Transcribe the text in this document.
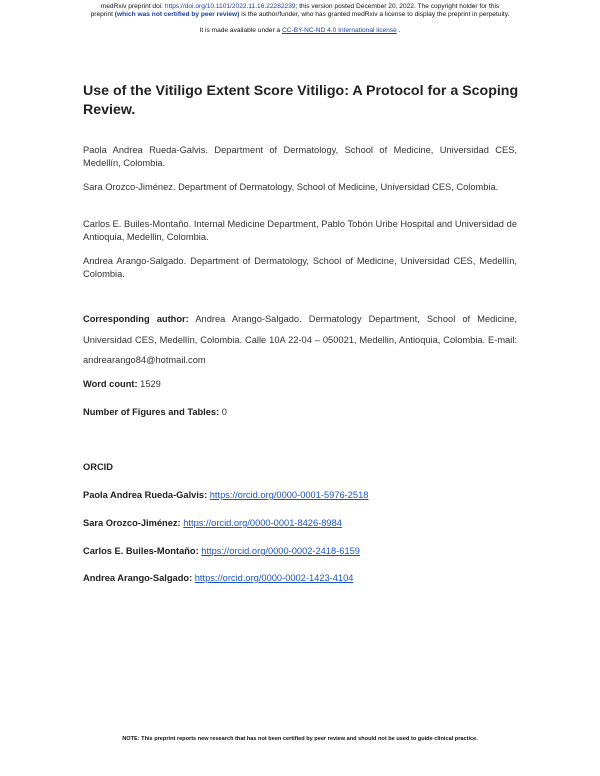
medRxiv preprint doi: https://doi.org/10.1101/2022.11.16.22282239; this version posted December 20, 2022. The copyright holder for this
preprint (which was not certified by peer review) is the author/funder, who has granted medRxiv a license to display the preprint in perpetuity.
It is made available under a CC-BY-NC-ND 4.0 International license .
Use of the Vitiligo Extent Score Vitiligo: A Protocol for a Scoping Review.
Paola Andrea Rueda-Galvis. Department of Dermatology, School of Medicine, Universidad CES, Medellín, Colombia.
Sara Orozco-Jiménez. Department of Dermatology, School of Medicine, Universidad CES, Colombia.
Carlos E. Builes-Montaño. Internal Medicine Department, Pablo Tobón Uribe Hospital and Universidad de Antioquia, Medellin, Colombia.
Andrea Arango-Salgado. Department of Dermatology, School of Medicine, Universidad CES, Medellín, Colombia.
Corresponding author: Andrea Arango-Salgado. Dermatology Department, School of Medicine, Universidad CES, Medellín, Colombia. Calle 10A 22-04 – 050021, Medellin, Antioquia, Colombia. E-mail: andrearango84@hotmail.com
Word count: 1529
Number of Figures and Tables: 0
ORCID
Paola Andrea Rueda-Galvis: https://orcid.org/0000-0001-5976-2518
Sara Orozco-Jiménez: https://orcid.org/0000-0001-8426-8984
Carlos E. Builes-Montaño: https://orcid.org/0000-0002-2418-6159
Andrea Arango-Salgado: https://orcid.org/0000-0002-1423-4104
NOTE: This preprint reports new research that has not been certified by peer review and should not be used to guide clinical practice.
